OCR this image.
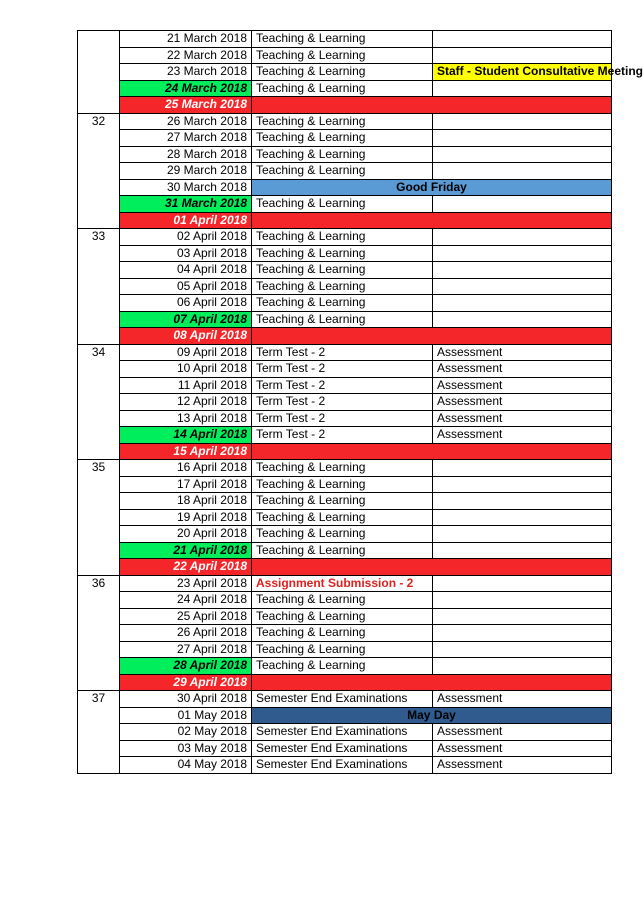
	21 March 2018	Teaching & Learning	
	22 March 2018	Teaching & Learning	
	23 March 2018	Teaching & Learning	Staff - Student Consultative Meeting
	24 March 2018	Teaching & Learning	
	25 March 2018		
32	26 March 2018	Teaching & Learning	
	27 March 2018	Teaching & Learning	
	28 March 2018	Teaching & Learning	
	29 March 2018	Teaching & Learning	
	30 March 2018	Good Friday	
	31 March 2018	Teaching & Learning	
	01 April 2018		
33	02 April 2018	Teaching & Learning	
	03 April 2018	Teaching & Learning	
	04 April 2018	Teaching & Learning	
	05 April 2018	Teaching & Learning	
	06 April 2018	Teaching & Learning	
	07 April 2018	Teaching & Learning	
	08 April 2018		
34	09 April 2018	Term Test - 2	Assessment
	10 April 2018	Term Test - 2	Assessment
	11 April 2018	Term Test - 2	Assessment
	12 April 2018	Term Test - 2	Assessment
	13 April 2018	Term Test - 2	Assessment
	14 April 2018	Term Test - 2	Assessment
	15 April 2018		
35	16 April 2018	Teaching & Learning	
	17 April 2018	Teaching & Learning	
	18 April 2018	Teaching & Learning	
	19 April 2018	Teaching & Learning	
	20 April 2018	Teaching & Learning	
	21 April 2018	Teaching & Learning	
	22 April 2018		
36	23 April 2018	Assignment Submission - 2	
	24 April 2018	Teaching & Learning	
	25 April 2018	Teaching & Learning	
	26 April 2018	Teaching & Learning	
	27 April 2018	Teaching & Learning	
	28 April 2018	Teaching & Learning	
	29 April 2018		
37	30 April 2018	Semester End Examinations	Assessment
	01 May 2018	May Day	
	02 May 2018	Semester End Examinations	Assessment
	03 May 2018	Semester End Examinations	Assessment
	04 May 2018	Semester End Examinations	Assessment
